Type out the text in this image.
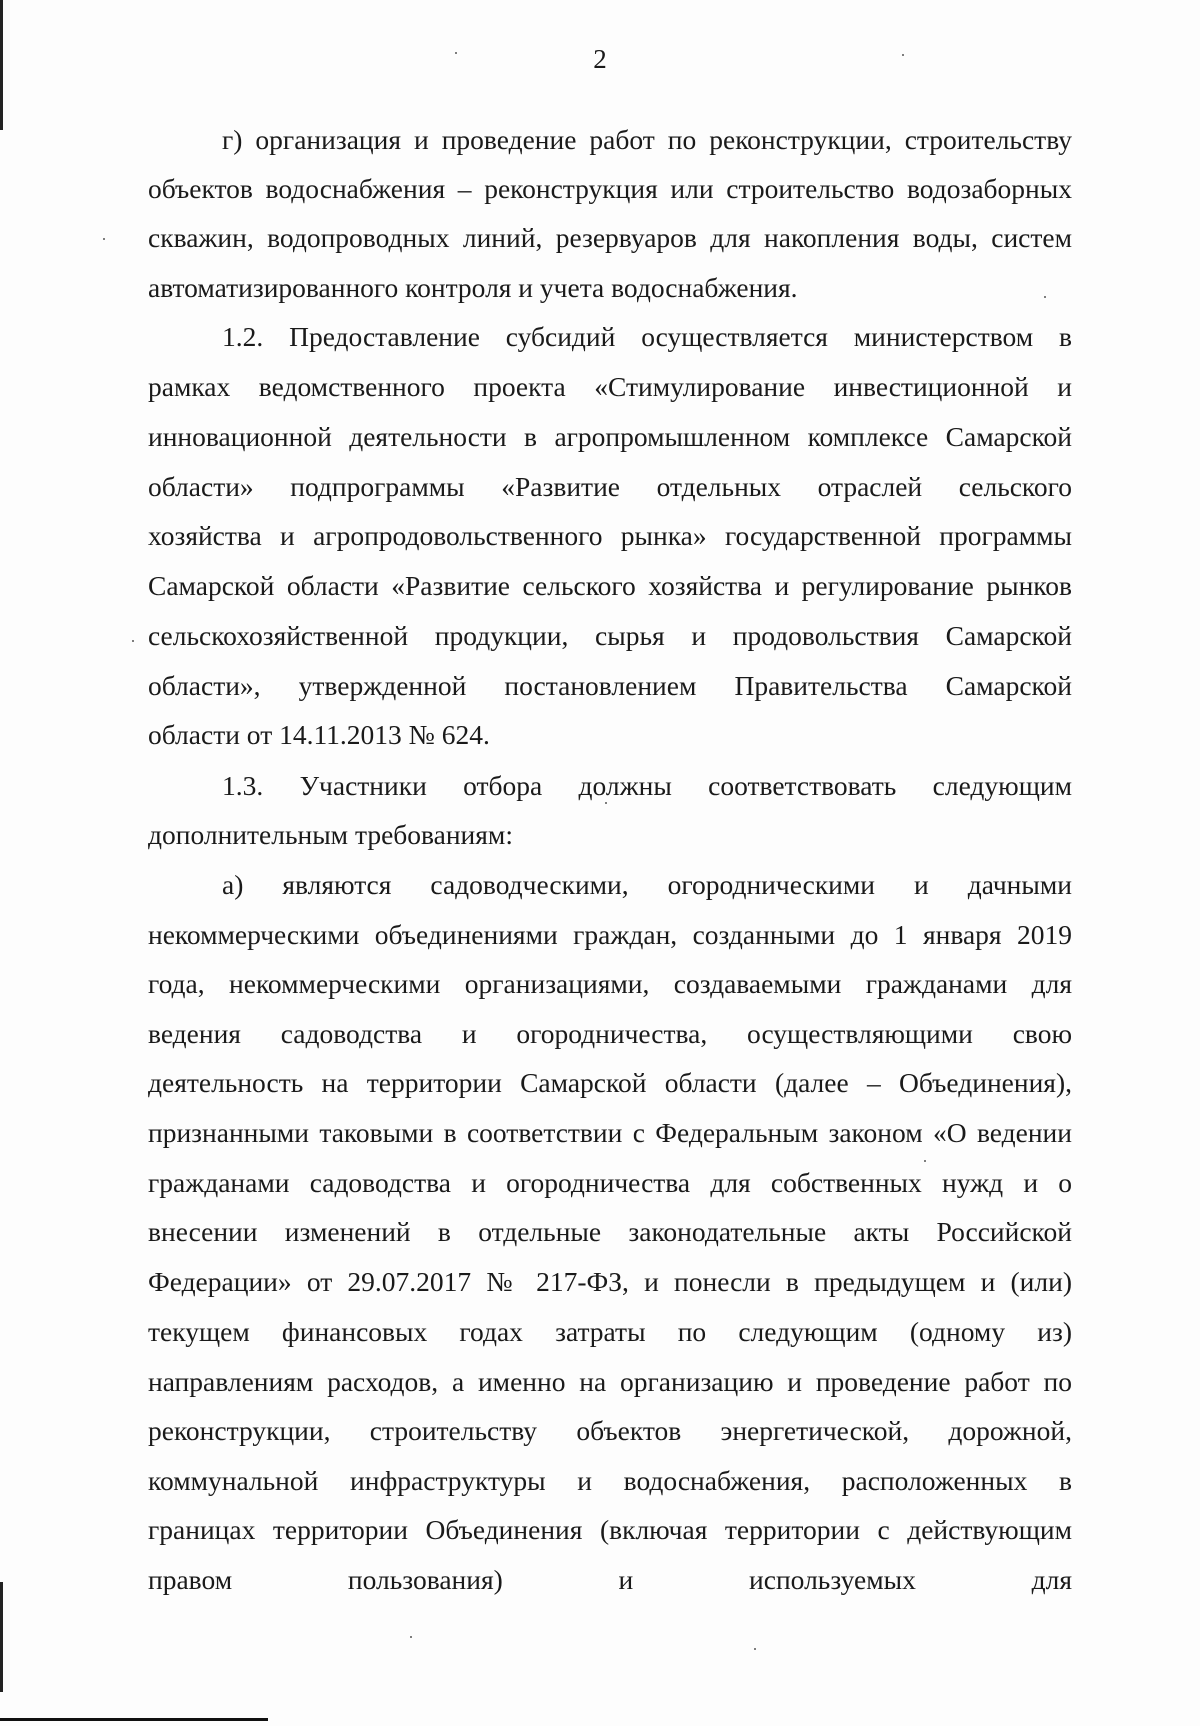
2
г) организация и проведение работ по реконструкции, строительству
объектов водоснабжения – реконструкция или строительство водозаборных
скважин, водопроводных линий, резервуаров для накопления воды, систем
автоматизированного контроля и учета водоснабжения.
1.2. Предоставление субсидий осуществляется министерством в
рамках ведомственного проекта «Стимулирование инвестиционной и
инновационной деятельности в агропромышленном комплексе Самарской
области» подпрограммы «Развитие отдельных отраслей сельского
хозяйства и агропродовольственного рынка» государственной программы
Самарской области «Развитие сельского хозяйства и регулирование рынков
сельскохозяйственной продукции, сырья и продовольствия Самарской
области», утвержденной постановлением Правительства Самарской
области от 14.11.2013 № 624.
1.3. Участники отбора должны соответствовать следующим
дополнительным требованиям:
а) являются садоводческими, огородническими и дачными
некоммерческими объединениями граждан, созданными до 1 января 2019
года, некоммерческими организациями, создаваемыми гражданами для
ведения садоводства и огородничества, осуществляющими свою
деятельность на территории Самарской области (далее – Объединения),
признанными таковыми в соответствии с Федеральным законом «О ведении
гражданами садоводства и огородничества для собственных нужд и о
внесении изменений в отдельные законодательные акты Российской
Федерации» от 29.07.2017 № 217-ФЗ, и понесли в предыдущем и (или)
текущем финансовых годах затраты по следующим (одному из)
направлениям расходов, а именно на организацию и проведение работ по
реконструкции, строительству объектов энергетической, дорожной,
коммунальной инфраструктуры и водоснабжения, расположенных в
границах территории Объединения (включая территории с действующим
правом пользования) и используемых для
